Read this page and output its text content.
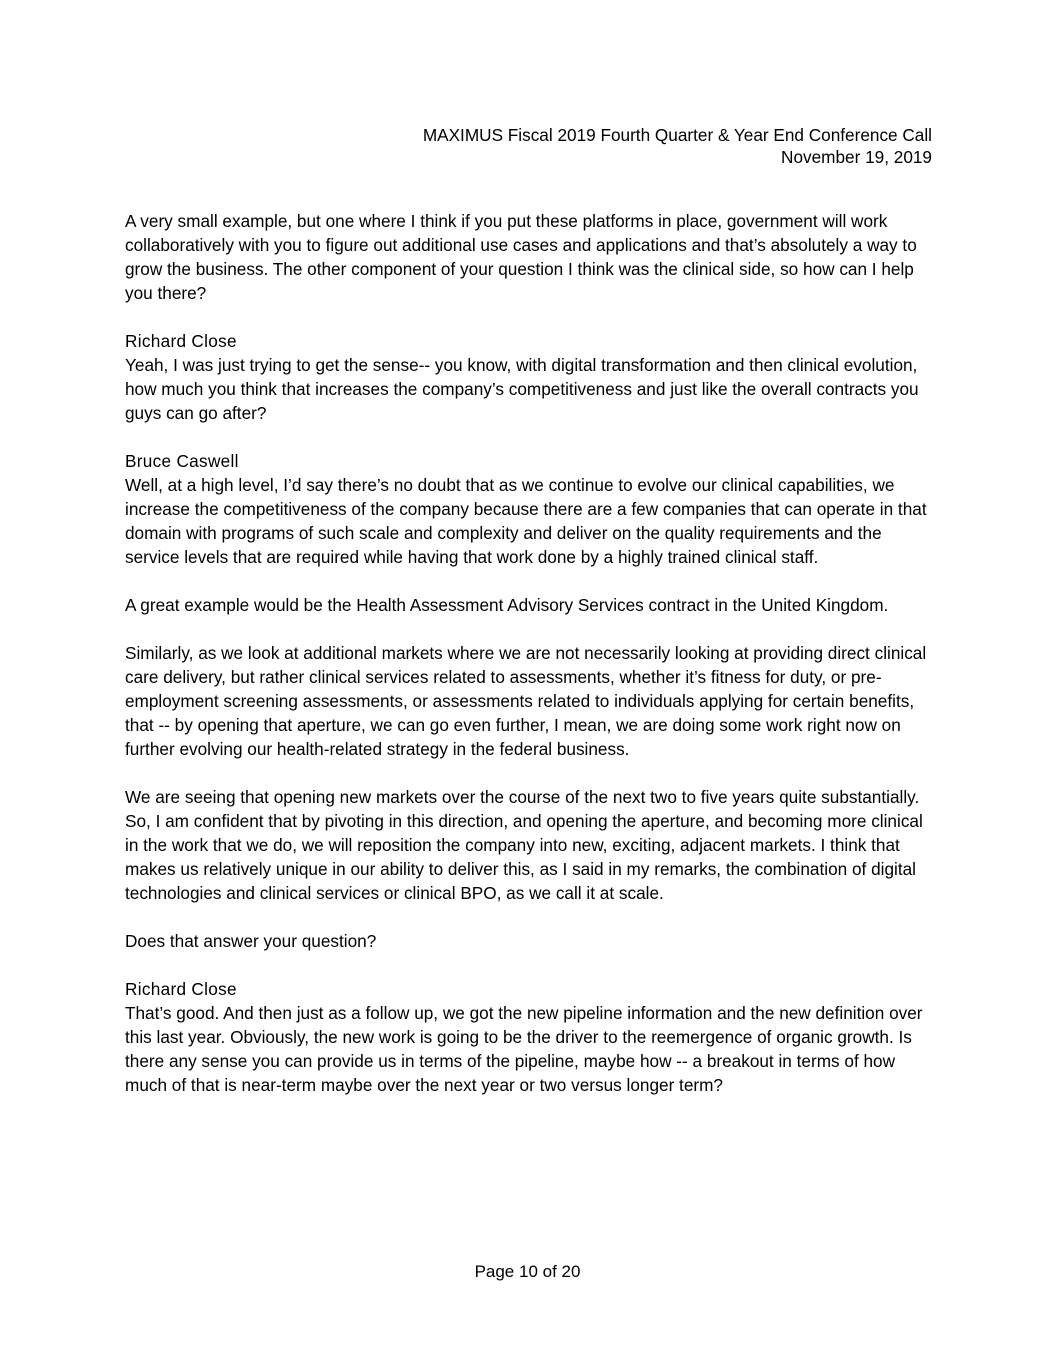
MAXIMUS Fiscal 2019 Fourth Quarter & Year End Conference Call
November 19, 2019

A very small example, but one where I think if you put these platforms in place, government will work collaboratively with you to figure out additional use cases and applications and that’s absolutely a way to grow the business. The other component of your question I think was the clinical side, so how can I help you there?

Richard Close

Yeah, I was just trying to get the sense-- you know, with digital transformation and then clinical evolution, how much you think that increases the company’s competitiveness and just like the overall contracts you guys can go after?

Bruce Caswell

Well, at a high level, I’d say there’s no doubt that as we continue to evolve our clinical capabilities, we increase the competitiveness of the company because there are a few companies that can operate in that domain with programs of such scale and complexity and deliver on the quality requirements and the service levels that are required while having that work done by a highly trained clinical staff.

A great example would be the Health Assessment Advisory Services contract in the United Kingdom.

Similarly, as we look at additional markets where we are not necessarily looking at providing direct clinical care delivery, but rather clinical services related to assessments, whether it’s fitness for duty, or pre-employment screening assessments, or assessments related to individuals applying for certain benefits, that -- by opening that aperture, we can go even further, I mean, we are doing some work right now on further evolving our health-related strategy in the federal business.

We are seeing that opening new markets over the course of the next two to five years quite substantially. So, I am confident that by pivoting in this direction, and opening the aperture, and becoming more clinical in the work that we do, we will reposition the company into new, exciting, adjacent markets. I think that makes us relatively unique in our ability to deliver this, as I said in my remarks, the combination of digital technologies and clinical services or clinical BPO, as we call it at scale.

Does that answer your question?

Richard Close

That’s good. And then just as a follow up, we got the new pipeline information and the new definition over this last year. Obviously, the new work is going to be the driver to the reemergence of organic growth. Is there any sense you can provide us in terms of the pipeline, maybe how -- a breakout in terms of how much of that is near-term maybe over the next year or two versus longer term?

Page 10 of 20
